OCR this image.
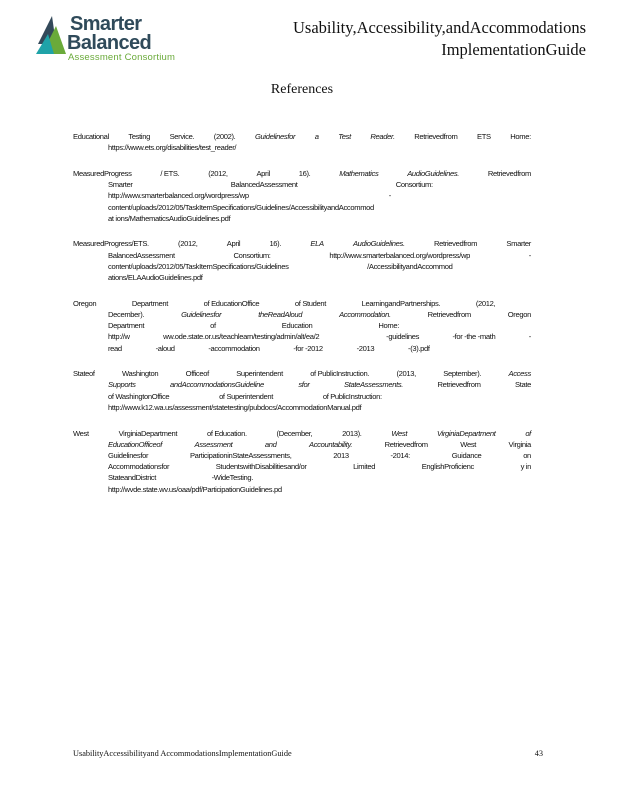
Smarter
Balanced
Assessment Consortium
Usability,Accessibility,andAccommodations
ImplementationGuide
References
Educational	Testing	Service.	(2002).	Guidelinesfor	a	Test	Reader.	Retrievedfrom	ETS	Home:
https://www.ets.org/disabilities/test_reader/
MeasuredProgress	/ ETS.	(2012,	April	16).	Mathematics	AudioGuidelines.	Retrievedfrom
Smarter	BalancedAssessment	Consortium:
http://www.smarterbalanced.org/wordpress/wp	-
content/uploads/2012/05/TaskItemSpecifications/Guidelines/AccessibilityandAccommod
at ions/MathematicsAudioGuidelines.pdf
MeasuredProgress/ETS.	(2012,	April	16).	ELA	AudioGuidelines.	Retrievedfrom	Smarter
BalancedAssessment	Consortium:	http://www.smarterbalanced.org/wordpress/wp	-
content/uploads/2012/05/TaskItemSpecifications/Guidelines	/AccessibilityandAccommod
ations/ELAAudioGuidelines.pdf
Oregon	Department	of EducationOffice	of Student	LearningandPartnerships.	(2012,
December).	Guidelinesfor	theReadAloud	Accommodation.	Retrievedfrom	Oregon
Department	of	Education	Home:
http://w	ww.ode.state.or.us/teachlearn/testing/admin/alt/ea/2	-guidelines	-for -the -math	-
read	-aloud	-accommodation	-for -2012	-2013	-(3).pdf
Stateof	Washington	Officeof	Superintendent	of PublicInstruction.	(2013,	September).	Access
Supports	andAccommodationsGuideline	sfor	StateAssessments.	Retrievedfrom	State
of WashingtonOffice	of Superintendent	of PublicInstruction:
http://www.k12.wa.us/assessment/statetesting/pubdocs/AccommodationManual.pdf
West	VirginiaDepartment	of Education.	(December,	2013).	West	VirginiaDepartment	of
EducationOfficeof	Assessment	and	Accountability.	Retrievedfrom	West	Virginia
Guidelinesfor	ParticipationinStateAssessments,	2013	-2014:	Guidance	on
Accommodationsfor	StudentswithDisabilitiesand/or	Limited	EnglishProficienc	y in
StateandDistrict	-WideTesting.
http://wvde.state.wv.us/oaa/pdf/ParticipationGuidelines.pd
UsabilityAccessibilityand AccommodationsImplementationGuide	43
